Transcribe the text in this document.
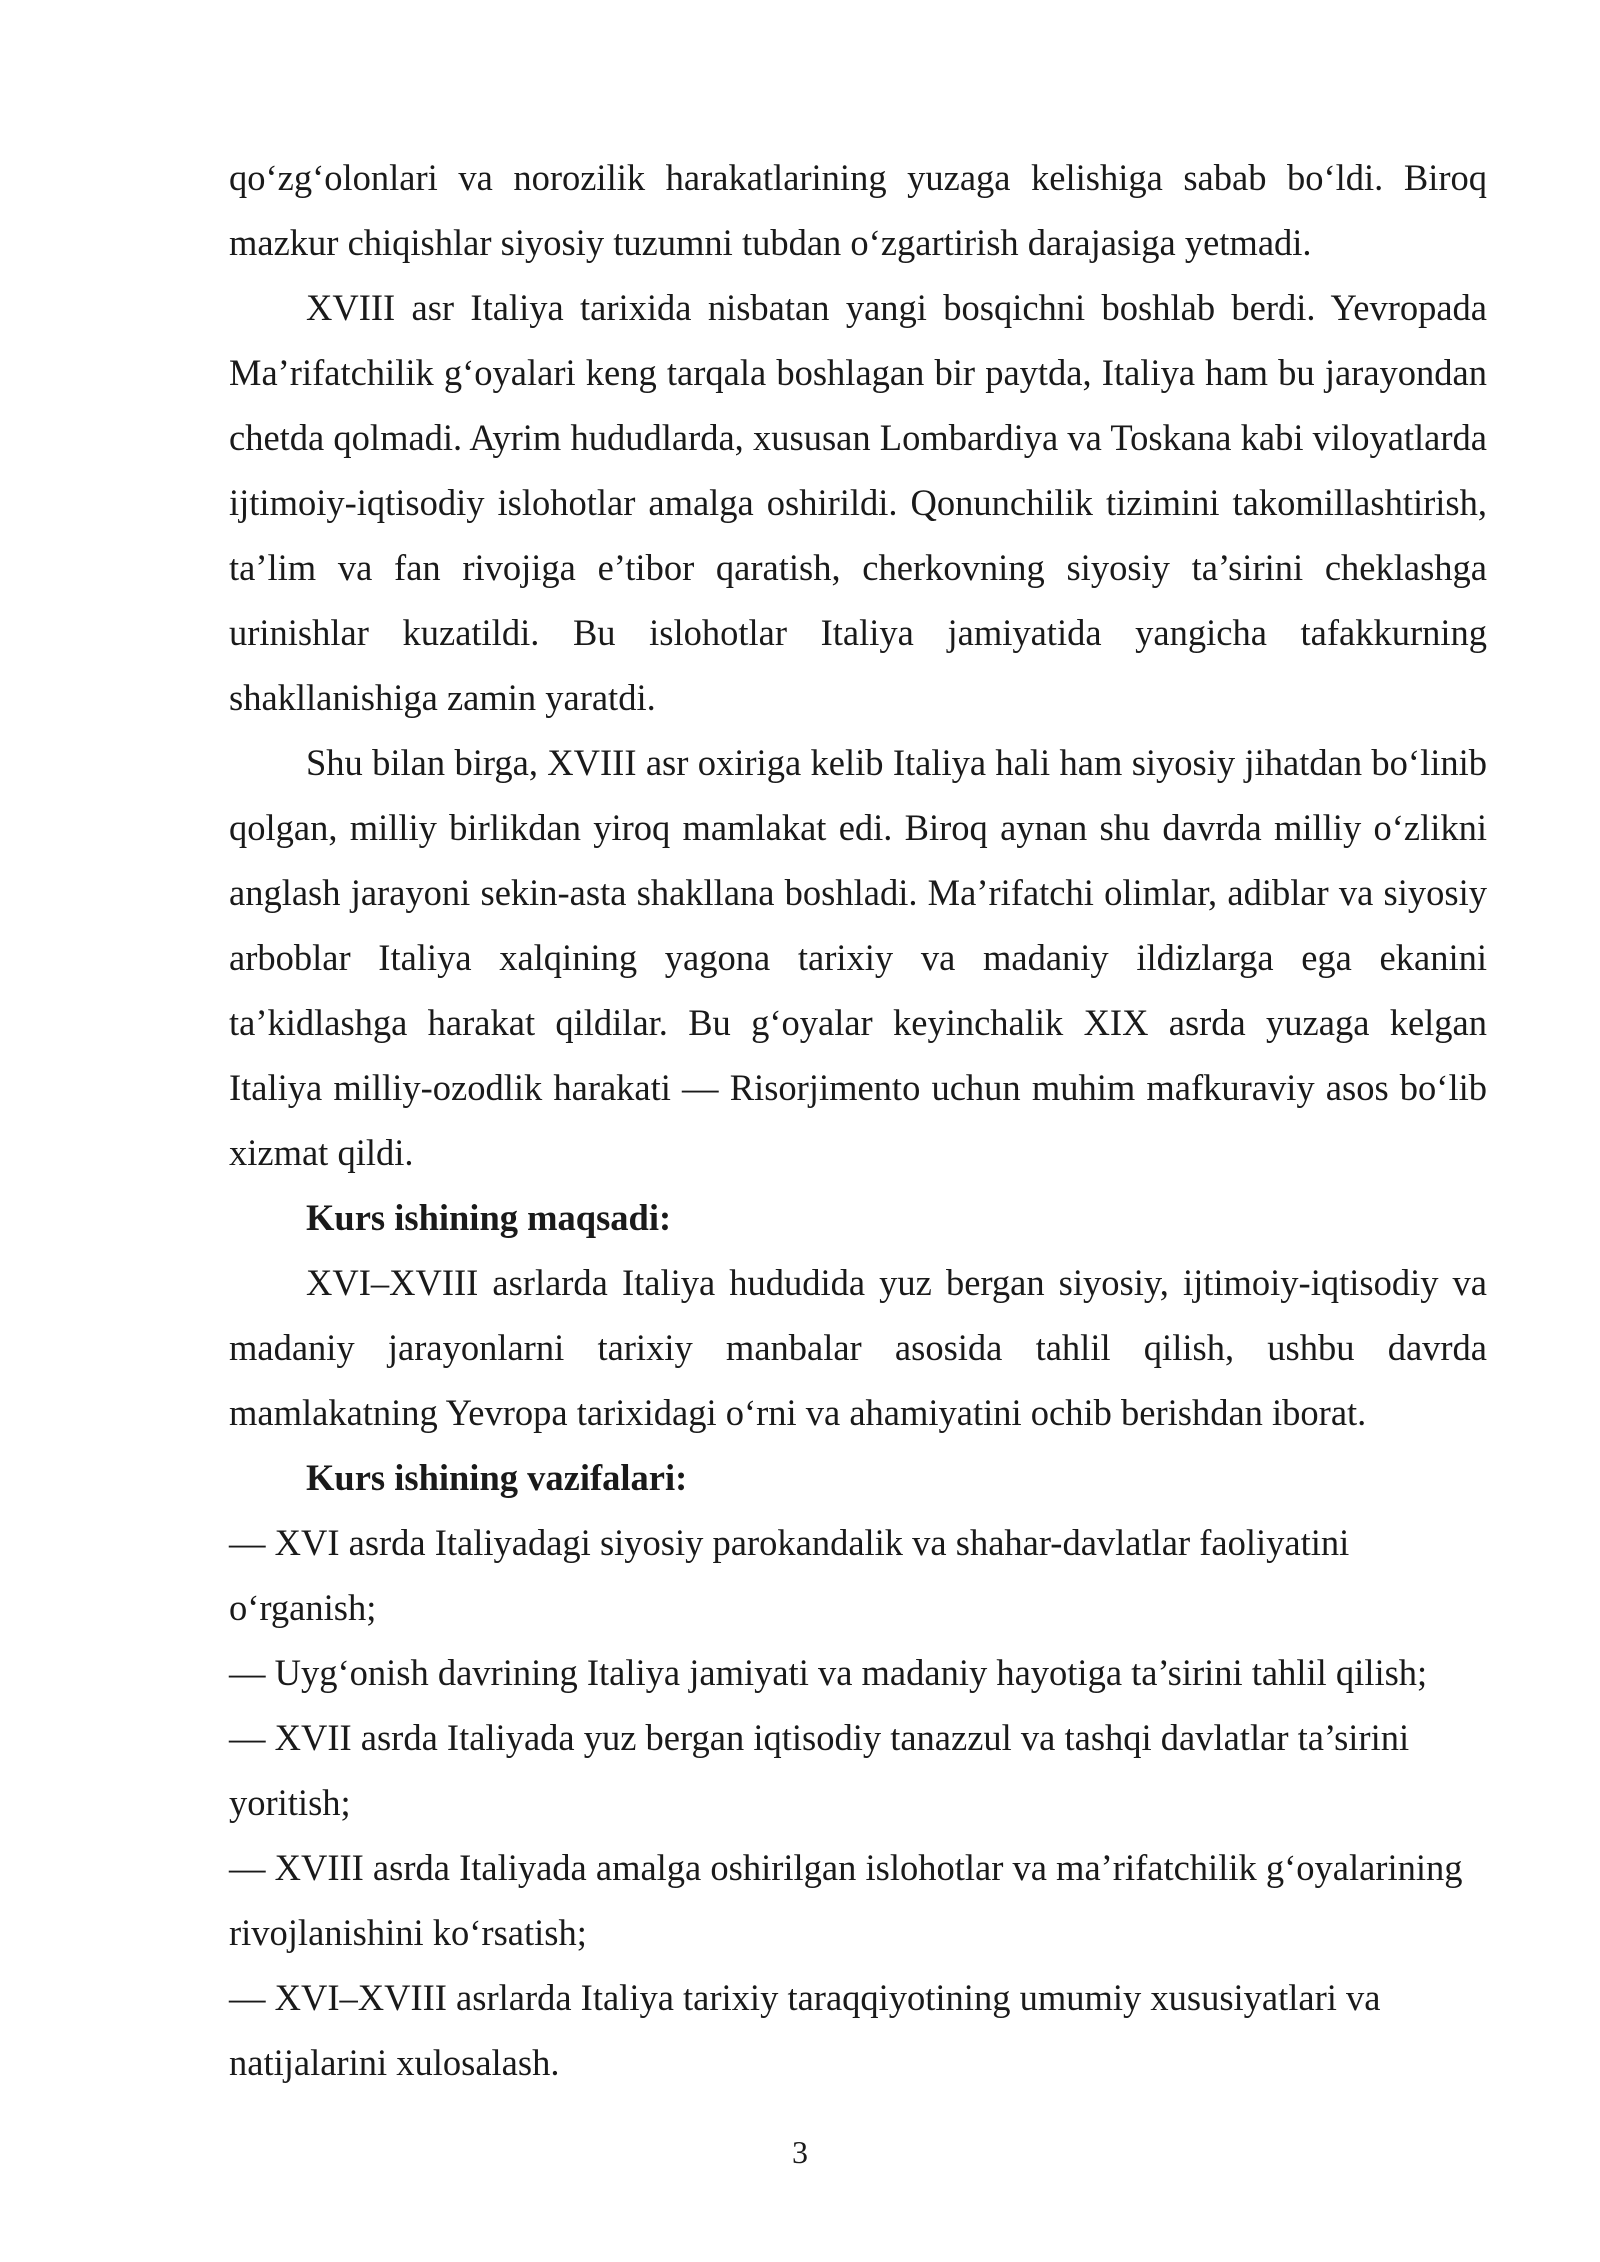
qo‘zg‘olonlari va norozilik harakatlarining yuzaga kelishiga sabab bo‘ldi. Biroq mazkur chiqishlar siyosiy tuzumni tubdan o‘zgartirish darajasiga yetmadi.

XVIII asr Italiya tarixida nisbatan yangi bosqichni boshlab berdi. Yevropada Ma’rifatchilik g‘oyalari keng tarqala boshlagan bir paytda, Italiya ham bu jarayondan chetda qolmadi. Ayrim hududlarda, xususan Lombardiya va Toskana kabi viloyatlarda ijtimoiy-iqtisodiy islohotlar amalga oshirildi. Qonunchilik tizimini takomillashtirish, ta’lim va fan rivojiga e’tibor qaratish, cherkovning siyosiy ta’sirini cheklashga urinishlar kuzatildi. Bu islohotlar Italiya jamiyatida yangicha tafakkurning shakllanishiga zamin yaratdi.

Shu bilan birga, XVIII asr oxiriga kelib Italiya hali ham siyosiy jihatdan bo‘linib qolgan, milliy birlikdan yiroq mamlakat edi. Biroq aynan shu davrda milliy o‘zlikni anglash jarayoni sekin-asta shakllana boshladi. Ma’rifatchi olimlar, adiblar va siyosiy arboblar Italiya xalqining yagona tarixiy va madaniy ildizlarga ega ekanini ta’kidlashga harakat qildilar. Bu g‘oyalar keyinchalik XIX asrda yuzaga kelgan Italiya milliy-ozodlik harakati — Risorjimento uchun muhim mafkuraviy asos bo‘lib xizmat qildi.

Kurs ishining maqsadi:

XVI–XVIII asrlarda Italiya hududida yuz bergan siyosiy, ijtimoiy-iqtisodiy va madaniy jarayonlarni tarixiy manbalar asosida tahlil qilish, ushbu davrda mamlakatning Yevropa tarixidagi o‘rni va ahamiyatini ochib berishdan iborat.

Kurs ishining vazifalari:

— XVI asrda Italiyadagi siyosiy parokandalik va shahar-davlatlar faoliyatini o‘rganish;
— Uyg‘onish davrining Italiya jamiyati va madaniy hayotiga ta’sirini tahlil qilish;
— XVII asrda Italiyada yuz bergan iqtisodiy tanazzul va tashqi davlatlar ta’sirini yoritish;
— XVIII asrda Italiyada amalga oshirilgan islohotlar va ma’rifatchilik g‘oyalarining rivojlanishini ko‘rsatish;
— XVI–XVIII asrlarda Italiya tarixiy taraqqiyotining umumiy xususiyatlari va natijalarini xulosalash.
3
